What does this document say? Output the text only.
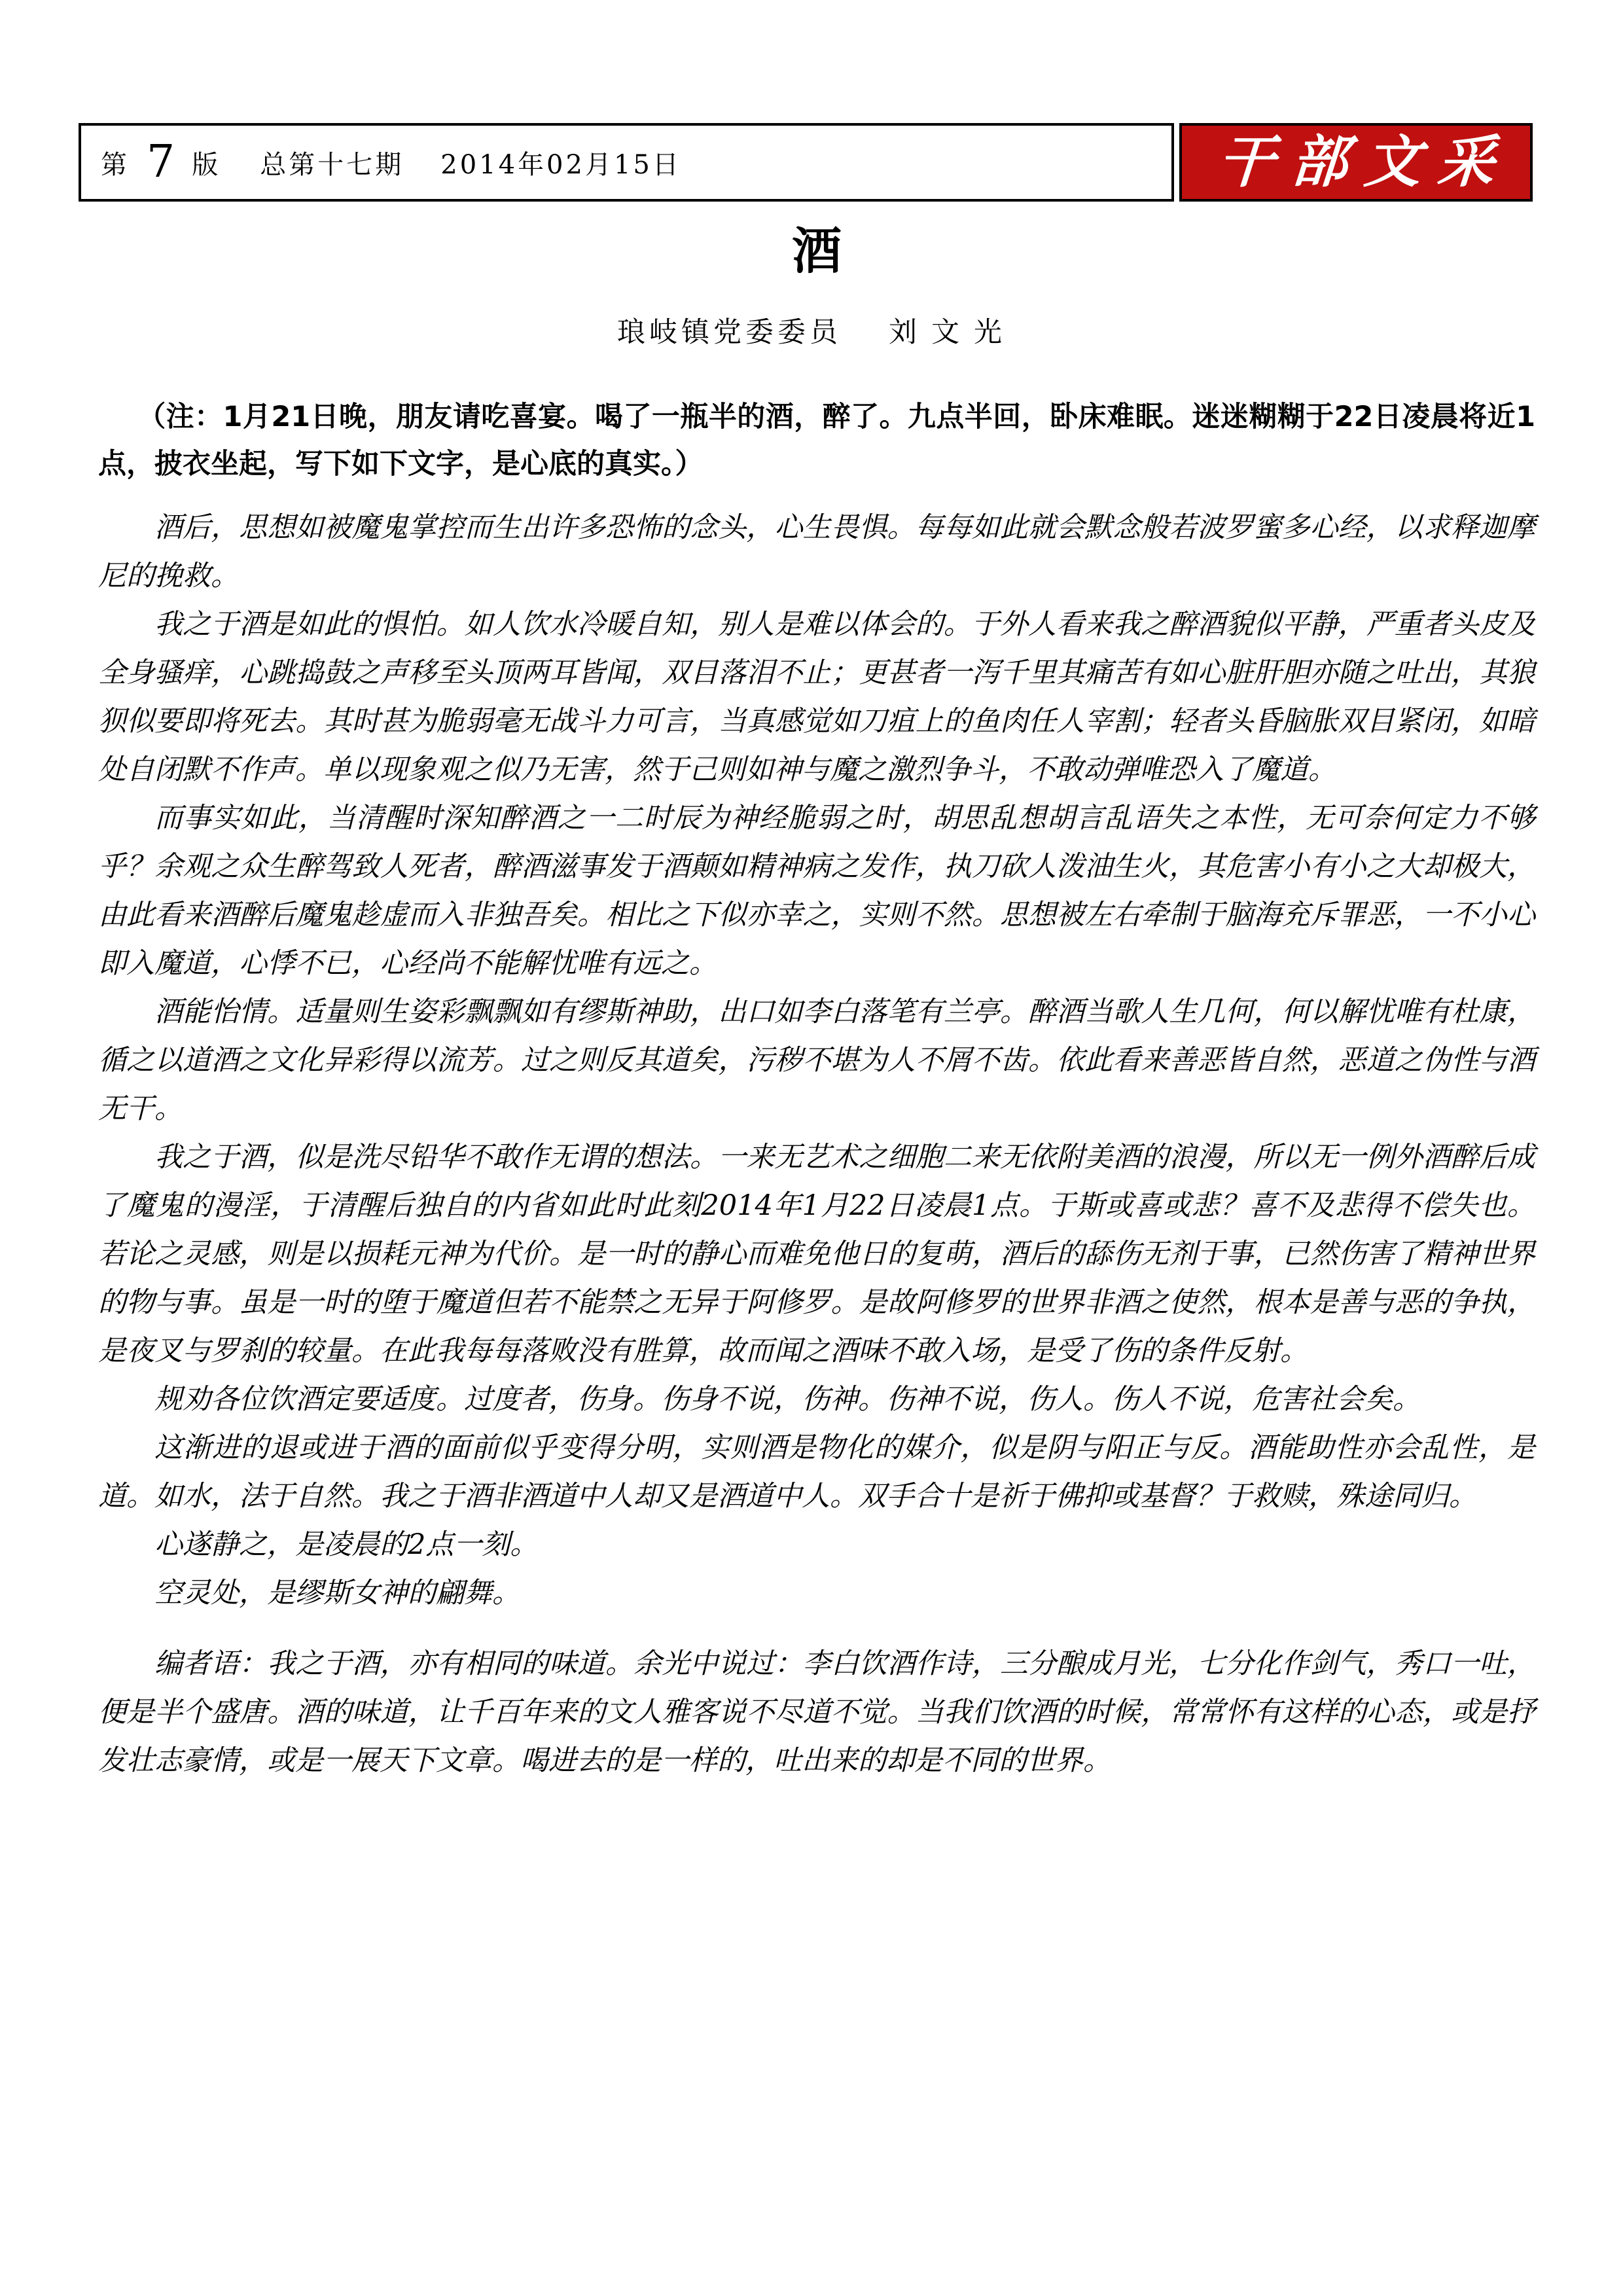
第 7 版 总第十七期 2014年02月15日	干部文采
酒
琅岐镇党委委员 刘文光

（注：1月21日晚，朋友请吃喜宴。喝了一瓶半的酒，醉了。九点半回，卧床难眠。迷迷糊糊于22日凌晨将近1点，披衣坐起，写下如下文字，是心底的真实。）

酒后，思想如被魔鬼掌控而生出许多恐怖的念头，心生畏惧。每每如此就会默念般若波罗蜜多心经，以求释迦摩尼的挽救。

我之于酒是如此的惧怕。如人饮水冷暖自知，别人是难以体会的。于外人看来我之醉酒貌似平静，严重者头皮及全身骚痒，心跳捣鼓之声移至头顶两耳皆闻，双目落泪不止；更甚者一泻千里其痛苦有如心脏肝胆亦随之吐出，其狼狈似要即将死去。其时甚为脆弱毫无战斗力可言，当真感觉如刀疽上的鱼肉任人宰割；轻者头昏脑胀双目紧闭，如暗处自闭默不作声。单以现象观之似乃无害，然于己则如神与魔之激烈争斗，不敢动弹唯恐入了魔道。

而事实如此，当清醒时深知醉酒之一二时辰为神经脆弱之时，胡思乱想胡言乱语失之本性，无可奈何定力不够乎？余观之众生醉驾致人死者，醉酒滋事发于酒颠如精神病之发作，执刀砍人泼油生火，其危害小有小之大却极大，由此看来酒醉后魔鬼趁虚而入非独吾矣。相比之下似亦幸之，实则不然。思想被左右牵制于脑海充斥罪恶，一不小心即入魔道，心悸不已，心经尚不能解忧唯有远之。

酒能怡情。适量则生姿彩飘飘如有缪斯神助，出口如李白落笔有兰亭。醉酒当歌人生几何，何以解忧唯有杜康，循之以道酒之文化异彩得以流芳。过之则反其道矣，污秽不堪为人不屑不齿。依此看来善恶皆自然，恶道之伪性与酒无干。

我之于酒，似是洗尽铅华不敢作无谓的想法。一来无艺术之细胞二来无依附美酒的浪漫，所以无一例外酒醉后成了魔鬼的漫淫，于清醒后独自的内省如此时此刻2014年1月22日凌晨1点。于斯或喜或悲？喜不及悲得不偿失也。若论之灵感，则是以损耗元神为代价。是一时的静心而难免他日的复萌，酒后的舔伤无剂于事，已然伤害了精神世界的物与事。虽是一时的堕于魔道但若不能禁之无异于阿修罗。是故阿修罗的世界非酒之使然，根本是善与恶的争执，是夜叉与罗刹的较量。在此我每每落败没有胜算，故而闻之酒味不敢入场，是受了伤的条件反射。

规劝各位饮酒定要适度。过度者，伤身。伤身不说，伤神。伤神不说，伤人。伤人不说，危害社会矣。

这渐进的退或进于酒的面前似乎变得分明，实则酒是物化的媒介，似是阴与阳正与反。酒能助性亦会乱性，是道。如水，法于自然。我之于酒非酒道中人却又是酒道中人。双手合十是祈于佛抑或基督？于救赎，殊途同归。

心遂静之，是凌晨的2点一刻。

空灵处，是缪斯女神的翩舞。

编者语：我之于酒，亦有相同的味道。余光中说过：李白饮酒作诗，三分酿成月光，七分化作剑气，秀口一吐，便是半个盛唐。酒的味道，让千百年来的文人雅客说不尽道不觉。当我们饮酒的时候，常常怀有这样的心态，或是抒发壮志豪情，或是一展天下文章。喝进去的是一样的，吐出来的却是不同的世界。
